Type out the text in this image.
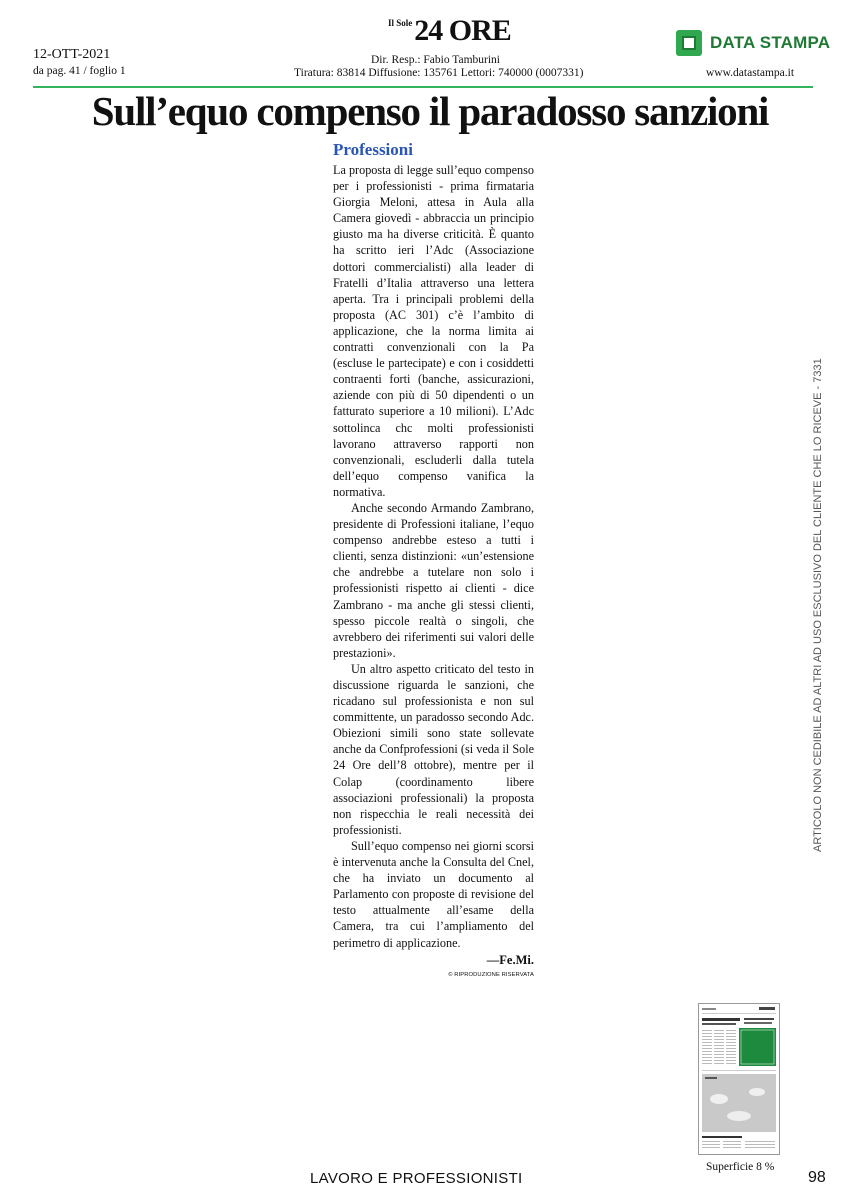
12-OTT-2021
da pag. 41 / foglio 1
$^{Il Sole}$24 ORE
Dir. Resp.: Fabio Tamburini
Tiratura: 83814 Diffusione: 135761 Lettori: 740000 (0007331)
DATA STAMPA
www.datastampa.it
Sull’equo compenso il paradosso sanzioni
Professioni

La proposta di legge sull’equo compenso per i professionisti - prima firmataria Giorgia Meloni, attesa in Aula alla Camera giovedì - abbraccia un principio giusto ma ha diverse criticità. È quanto ha scritto ieri l’Adc (Associazione dottori commercialisti) alla leader di Fratelli d’Italia attraverso una lettera aperta. Tra i principali problemi della proposta (AC 301) c’è l’ambito di applicazione, che la norma limita ai contratti convenzionali con la Pa (escluse le partecipate) e con i cosiddetti contraenti forti (banche, assicurazioni, aziende con più di 50 dipendenti o un fatturato superiore a 10 milioni). L’Adc sottolinca chc molti professionisti lavorano attraverso rapporti non convenzionali, escluderli dalla tutela dell’equo compenso vanifica la normativa.

Anche secondo Armando Zambrano, presidente di Professioni italiane, l’equo compenso andrebbe esteso a tutti i clienti, senza distinzioni: «un’estensione che andrebbe a tutelare non solo i professionisti rispetto ai clienti - dice Zambrano - ma anche gli stessi clienti, spesso piccole realtà o singoli, che avrebbero dei riferimenti sui valori delle prestazioni».

Un altro aspetto criticato del testo in discussione riguarda le sanzioni, che ricadano sul professionista e non sul committente, un paradosso secondo Adc. Obiezioni simili sono state sollevate anche da Confprofessioni (si veda il Sole 24 Ore dell’8 ottobre), mentre per il Colap (coordinamento libere associazioni professionali) la proposta non rispecchia le reali necessità dei professionisti.

Sull’equo compenso nei giorni scorsi è intervenuta anche la Consulta del Cnel, che ha inviato un documento al Parlamento con proposte di revisione del testo attualmente all’esame della Camera, tra cui l’ampliamento del perimetro di applicazione.

—Fe.Mi.
© RIPRODUZIONE RISERVATA
ARTICOLO NON CEDIBILE AD ALTRI AD USO ESCLUSIVO DEL CLIENTE CHE LO RICEVE - 7331
Superficie 8 %
LAVORO E PROFESSIONISTI	98
